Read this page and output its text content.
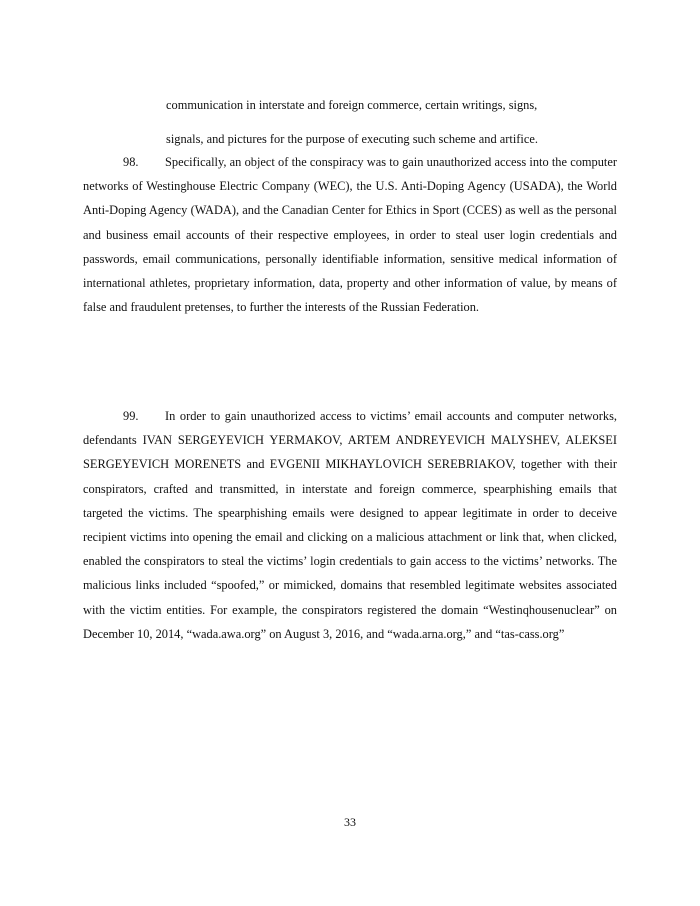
communication in interstate and foreign commerce, certain writings, signs,
signals, and pictures for the purpose of executing such scheme and artifice.

98. Specifically, an object of the conspiracy was to gain unauthorized access into the computer networks of Westinghouse Electric Company (WEC), the U.S. Anti-Doping Agency (USADA), the World Anti-Doping Agency (WADA), and the Canadian Center for Ethics in Sport (CCES) as well as the personal and business email accounts of their respective employees, in order to steal user login credentials and passwords, email communications, personally identifiable information, sensitive medical information of international athletes, proprietary information, data, property and other information of value, by means of false and fraudulent pretenses, to further the interests of the Russian Federation.

99. In order to gain unauthorized access to victims’ email accounts and computer networks, defendants IVAN SERGEYEVICH YERMAKOV, ARTEM ANDREYEVICH MALYSHEV, ALEKSEI SERGEYEVICH MORENETS and EVGENII MIKHAYLOVICH SEREBRIAKOV, together with their conspirators, crafted and transmitted, in interstate and foreign commerce, spearphishing emails that targeted the victims. The spearphishing emails were designed to appear legitimate in order to deceive recipient victims into opening the email and clicking on a malicious attachment or link that, when clicked, enabled the conspirators to steal the victims’ login credentials to gain access to the victims’ networks. The malicious links included “spoofed,” or mimicked, domains that resembled legitimate websites associated with the victim entities. For example, the conspirators registered the domain “Westinqhousenuclear” on December 10, 2014, “wada.awa.org” on August 3, 2016, and “wada.arna.org,” and “tas-cass.org”

33
